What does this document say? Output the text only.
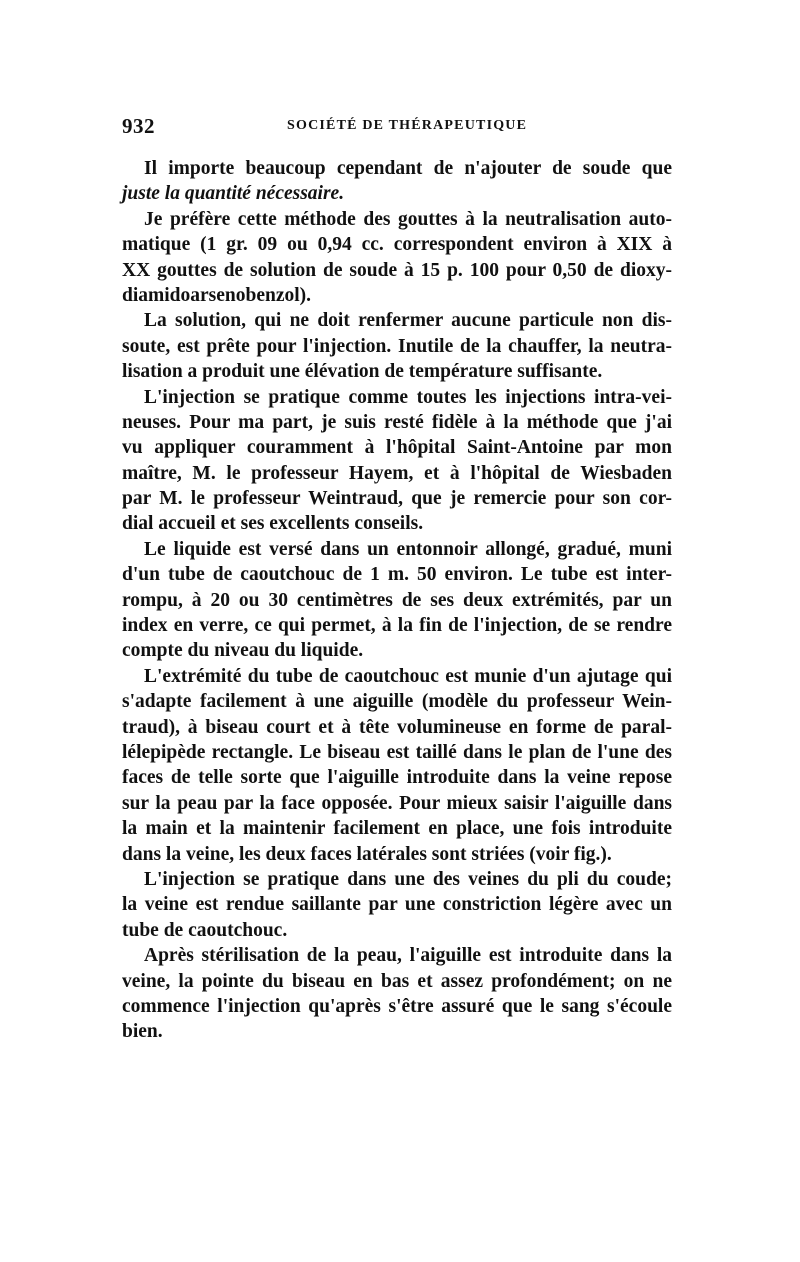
932	SOCIÉTÉ DE THÉRAPEUTIQUE
Il importe beaucoup cependant de n'ajouter de soude que
juste la quantité nécessaire.
Je préfère cette méthode des gouttes à la neutralisation auto-
matique (1 gr. 09 ou 0,94 cc. correspondent environ à XIX à
XX gouttes de solution de soude à 15 p. 100 pour 0,50 de dioxy-
diamidoarsenobenzol).
La solution, qui ne doit renfermer aucune particule non dis-
soute, est prête pour l'injection. Inutile de la chauffer, la neutra-
lisation a produit une élévation de température suffisante.
L'injection se pratique comme toutes les injections intra-vei-
neuses. Pour ma part, je suis resté fidèle à la méthode que j'ai
vu appliquer couramment à l'hôpital Saint-Antoine par mon
maître, M. le professeur Hayem, et à l'hôpital de Wiesbaden
par M. le professeur Weintraud, que je remercie pour son cor-
dial accueil et ses excellents conseils.
Le liquide est versé dans un entonnoir allongé, gradué, muni
d'un tube de caoutchouc de 1 m. 50 environ. Le tube est inter-
rompu, à 20 ou 30 centimètres de ses deux extrémités, par un
index en verre, ce qui permet, à la fin de l'injection, de se rendre
compte du niveau du liquide.
L'extrémité du tube de caoutchouc est munie d'un ajutage qui
s'adapte facilement à une aiguille (modèle du professeur Wein-
traud), à biseau court et à tête volumineuse en forme de paral-
lélepipède rectangle. Le biseau est taillé dans le plan de l'une des
faces de telle sorte que l'aiguille introduite dans la veine repose
sur la peau par la face opposée. Pour mieux saisir l'aiguille dans
la main et la maintenir facilement en place, une fois introduite
dans la veine, les deux faces latérales sont striées (voir fig.).
L'injection se pratique dans une des veines du pli du coude;
la veine est rendue saillante par une constriction légère avec un
tube de caoutchouc.
Après stérilisation de la peau, l'aiguille est introduite dans la
veine, la pointe du biseau en bas et assez profondément; on ne
commence l'injection qu'après s'être assuré que le sang s'écoule
bien.
